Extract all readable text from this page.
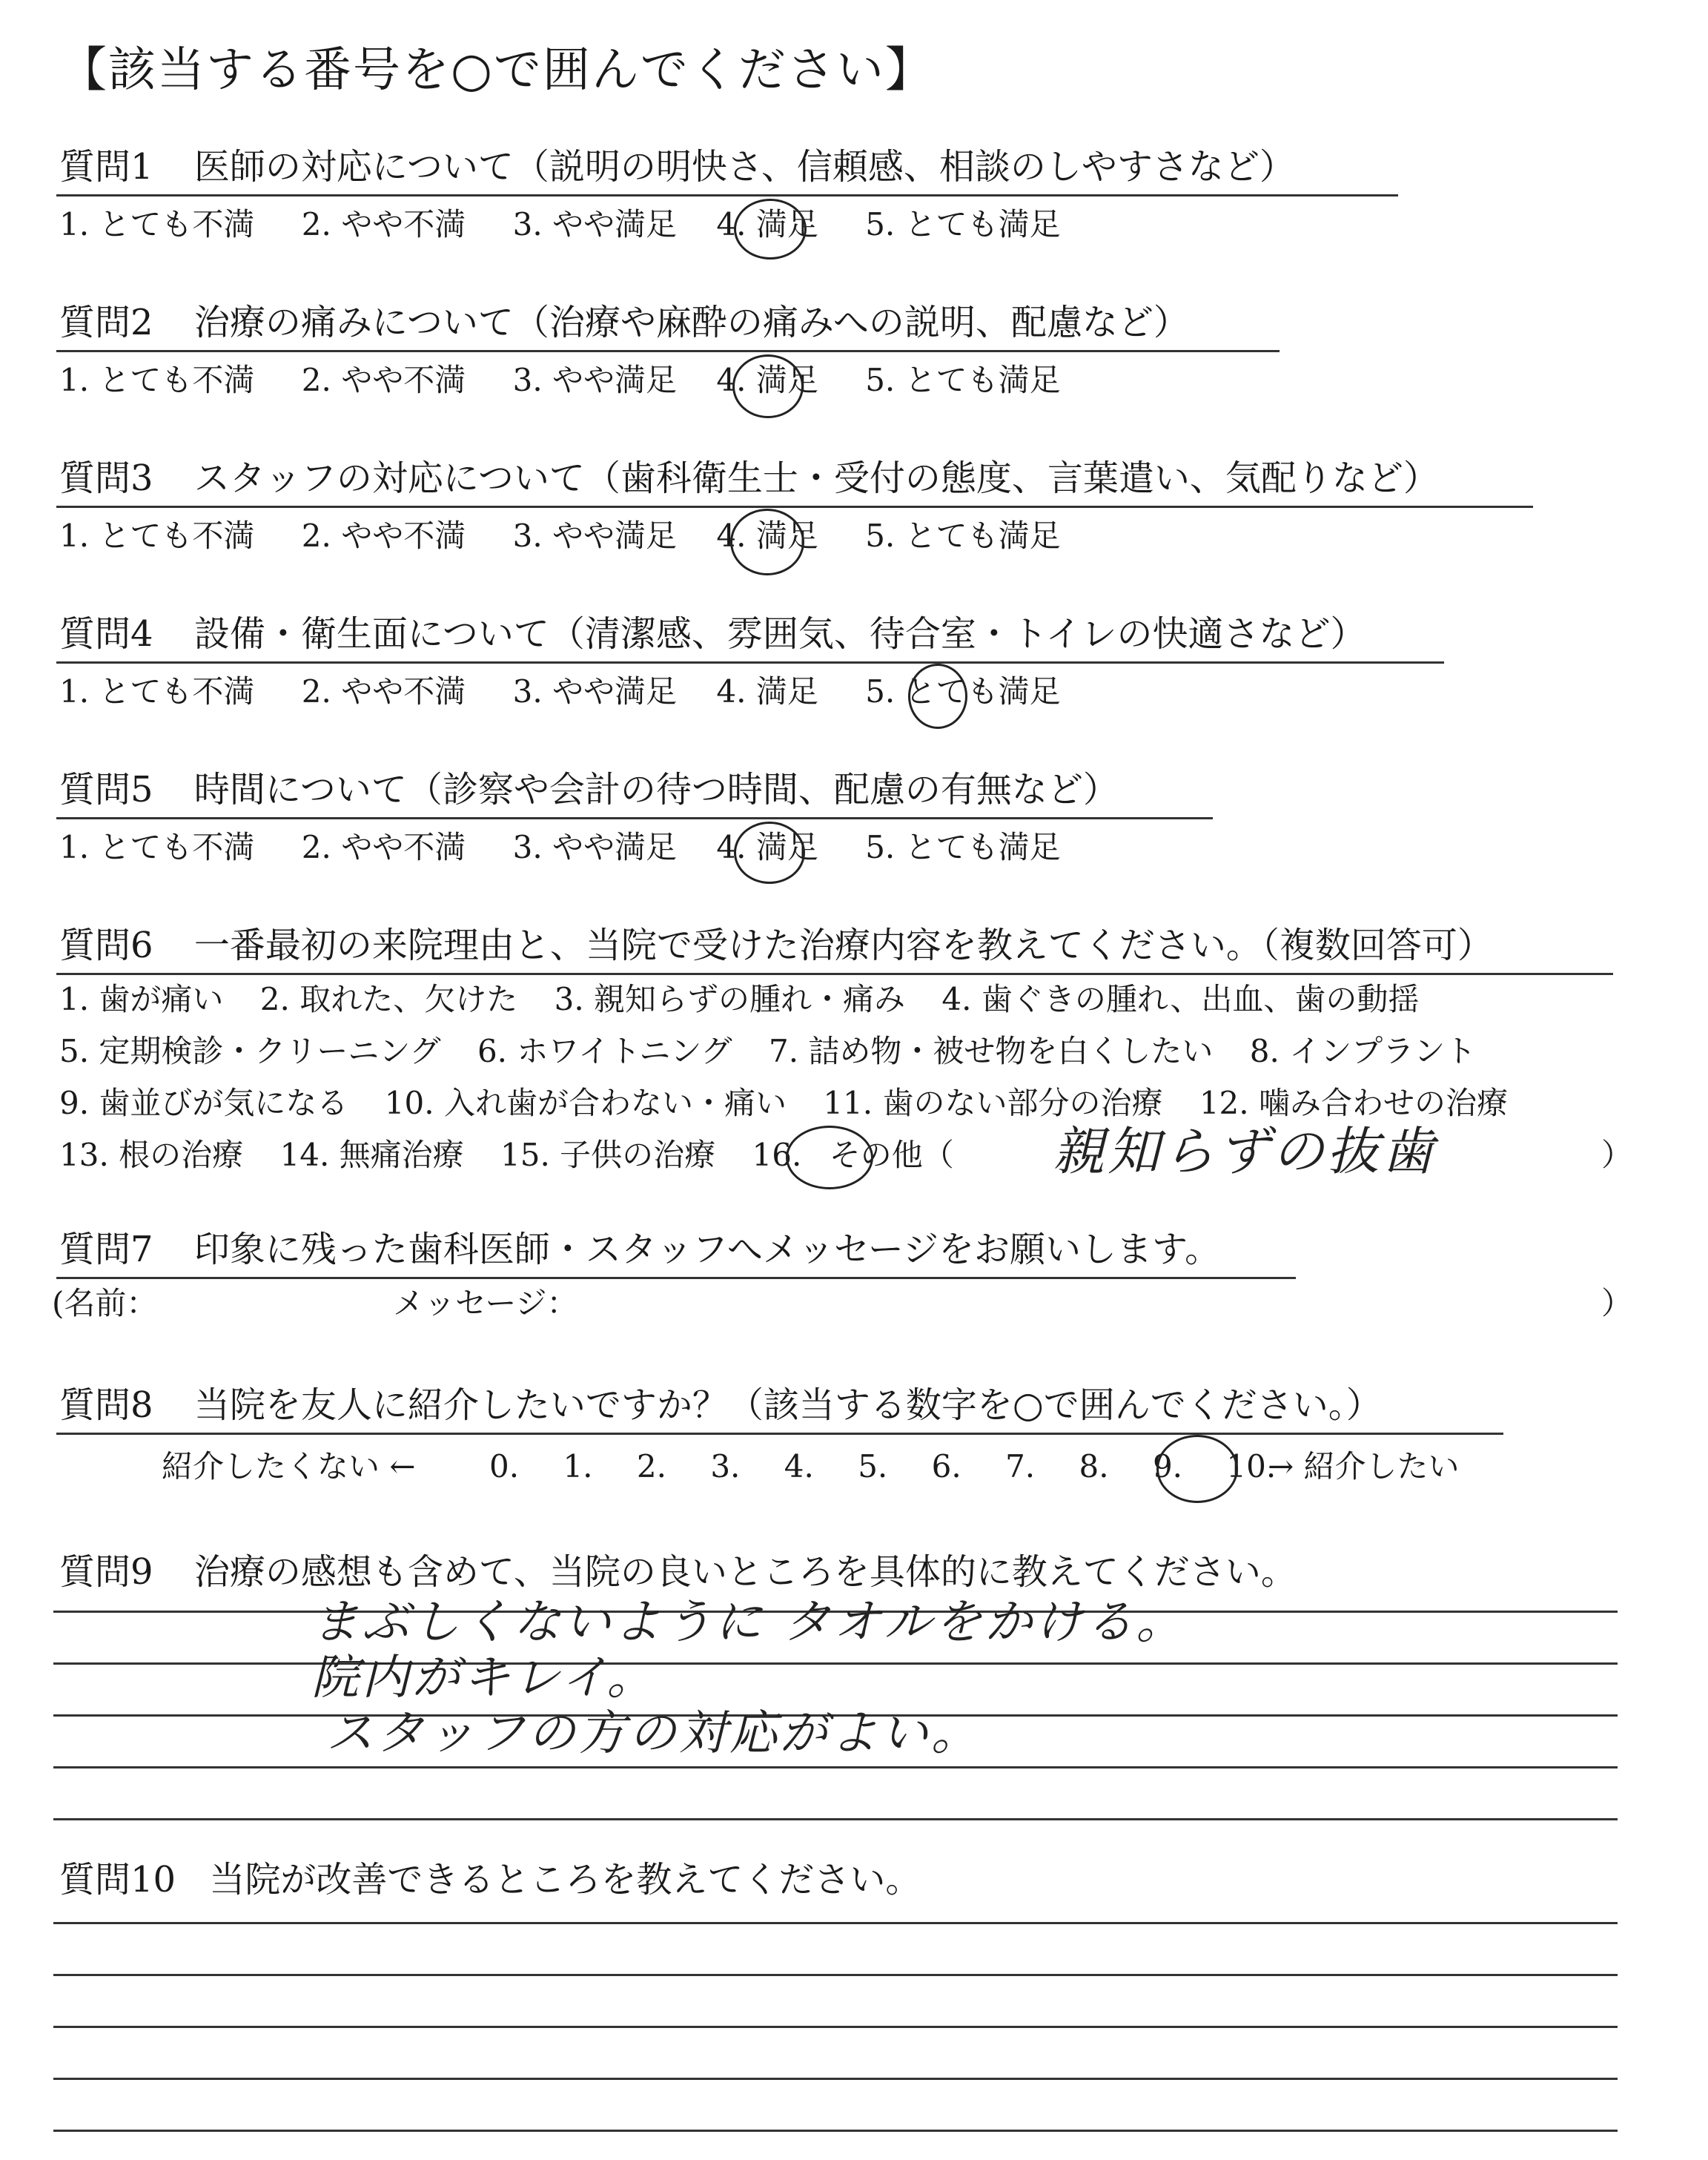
【該当する番号を○で囲んでください】
質問1 医師の対応について（説明の明快さ、信頼感、相談のしやすさなど）
1. とても不満 2. やや不満 3. やや満足 4. 満足 5. とても満足
質問2 治療の痛みについて（治療や麻酔の痛みへの説明、配慮など）
1. とても不満 2. やや不満 3. やや満足 4. 満足 5. とても満足
質問3 スタッフの対応について（歯科衛生士・受付の態度、言葉遣い、気配りなど）
1. とても不満 2. やや不満 3. やや満足 4. 満足 5. とても満足
質問4 設備・衛生面について（清潔感、雰囲気、待合室・トイレの快適さなど）
1. とても不満 2. やや不満 3. やや満足 4. 満足 5. とても満足
質問5 時間について（診察や会計の待つ時間、配慮の有無など）
1. とても不満 2. やや不満 3. やや満足 4. 満足 5. とても満足
質問6 一番最初の来院理由と、当院で受けた治療内容を教えてください。（複数回答可）
1. 歯が痛い 2. 取れた、欠けた 3. 親知らずの腫れ・痛み 4. 歯ぐきの腫れ、出血、歯の動揺
5. 定期検診・クリーニング 6. ホワイトニング 7. 詰め物・被せ物を白くしたい 8. インプラント
9. 歯並びが気になる 10. 入れ歯が合わない・痛い 11. 歯のない部分の治療 12. 噛み合わせの治療
13. 根の治療 14. 無痛治療 15. 子供の治療 16. その他（	）
親知らずの抜歯
質問7 印象に残った歯科医師・スタッフへメッセージをお願いします。
(名前：	メッセージ：	）
質問8 当院を友人に紹介したいですか？（該当する数字を○で囲んでください。）
紹介したくない ← 0. 1. 2. 3. 4. 5. 6. 7. 8. 9. 10.
→ 紹介したい
質問9 治療の感想も含めて、当院の良いところを具体的に教えてください。
まぶしくないように タオルをかける。
院内がキレイ。
スタッフの方の対応がよい。
質問10 当院が改善できるところを教えてください。
